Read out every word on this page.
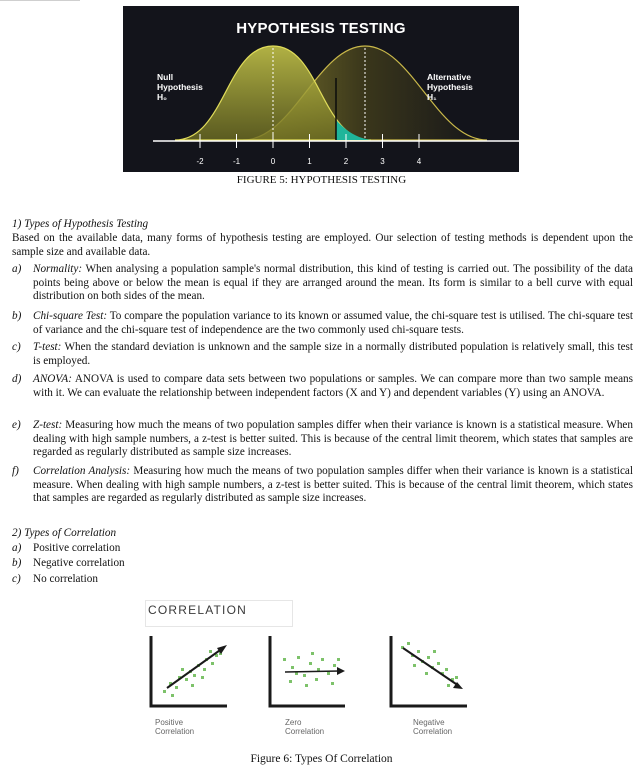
-2	-1	0	1	2	3	4
HYPOTHESIS TESTING
Null
Hypothesis
H₀
Alternative
Hypothesis
H₁
FIGURE 5: HYPOTHESIS TESTING
1) Types of Hypothesis Testing
Based on the available data, many forms of hypothesis testing are employed. Our selection of testing methods is dependent upon the sample size and available data.
a) Normality: When analysing a population sample's normal distribution, this kind of testing is carried out. The possibility of the data points being above or below the mean is equal if they are arranged around the mean. Its form is similar to a bell curve with equal distribution on both sides of the mean.
b) Chi-square Test: To compare the population variance to its known or assumed value, the chi-square test is utilised. The chi-square test of variance and the chi-square test of independence are the two commonly used chi-square tests.
c) T-test: When the standard deviation is unknown and the sample size in a normally distributed population is relatively small, this test is employed.
d) ANOVA: ANOVA is used to compare data sets between two populations or samples. We can compare more than two sample means with it. We can evaluate the relationship between independent factors (X and Y) and dependent variables (Y) using an ANOVA.
e) Z-test: Measuring how much the means of two population samples differ when their variance is known is a statistical measure. When dealing with high sample numbers, a z-test is better suited. This is because of the central limit theorem, which states that samples are regarded as regularly distributed as sample size increases.
f) Correlation Analysis: Measuring how much the means of two population samples differ when their variance is known is a statistical measure. When dealing with high sample numbers, a z-test is better suited. This is because of the central limit theorem, which states that samples are regarded as regularly distributed as sample size increases.
2) Types of Correlation
a) Positive correlation
b) Negative correlation
c) No correlation
CORRELATION
Positive
Correlation
Zero
Correlation
Negative
Correlation
Figure 6: Types Of Correlation
